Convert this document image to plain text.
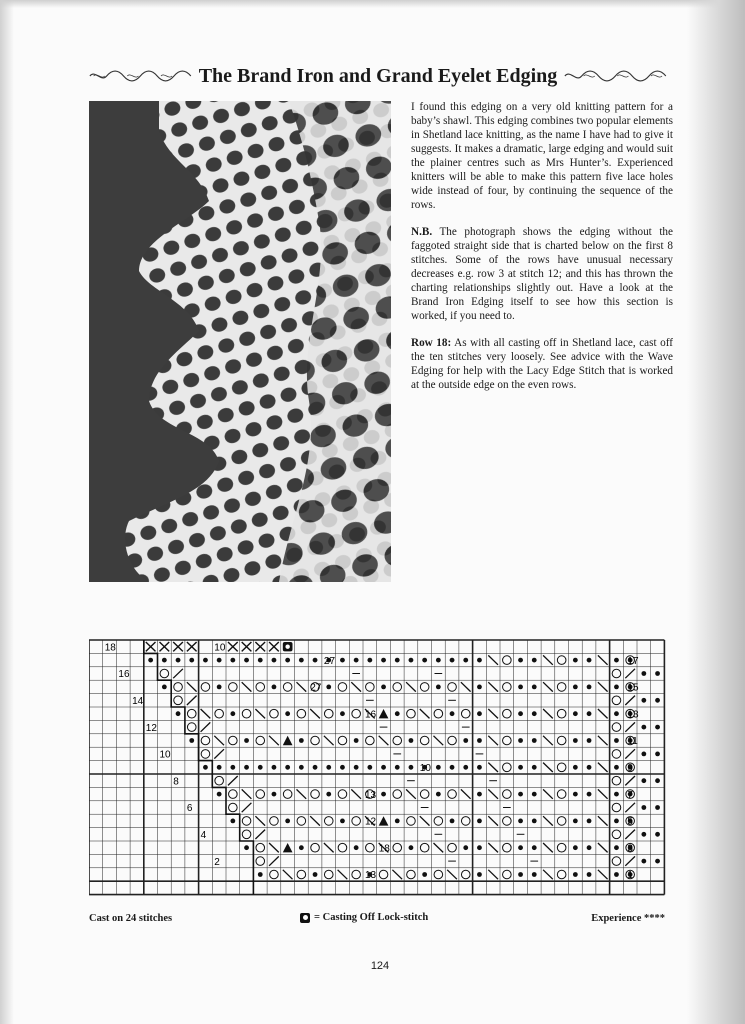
The Brand Iron and Grand Eyelet Edging

I found this edging on a very old knitting pattern for a baby’s shawl. This edging combines two popular elements in Shetland lace knitting, as the name I have had to give it suggests. It makes a dramatic, large edging and would suit the plainer centres such as Mrs Hunter’s. Experienced knitters will be able to make this pattern five lace holes wide instead of four, by continuing the sequence of the rows.

N.B. The photograph shows the edging without the faggoted straight side that is charted below on the first 8 stitches. Some of the rows have unusual necessary decreases e.g. row 3 at stitch 12; and this has thrown the charting relationships slightly out. Have a look at the Brand Iron Edging itself to see how this section is worked, if you need to.

Row 18: As with all casting off in Shetland lace, cast off the ten stitches very loosely. See advice with the Wave Edging for help with the Lacy Edge Stitch that is worked at the outside edge on the even rows.

18
16
14
12
10
8
6
4
2
17
15
13
11
9
7
5
3
1
10
27
27
16
13
10
12
18
13
Cast on 24 stitches	= Casting Off Lock-stitch	Experience ****
124
